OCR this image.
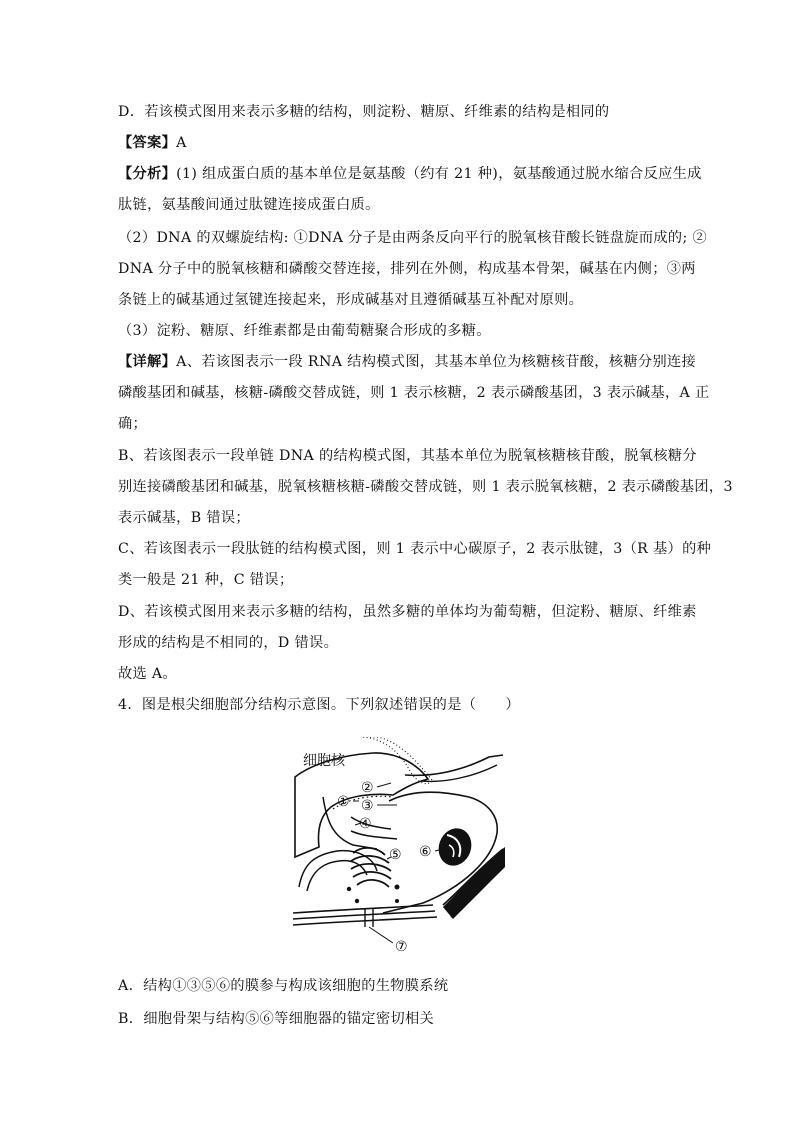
D．若该模式图用来表示多糖的结构，则淀粉、糖原、纤维素的结构是相同的
【答案】A
【分析】(1) 组成蛋白质的基本单位是氨基酸（约有 21 种)，氨基酸通过脱水缩合反应生成
肽链，氨基酸间通过肽键连接成蛋白质。
（2）DNA 的双螺旋结构: ①DNA 分子是由两条反向平行的脱氧核苷酸长链盘旋而成的; ②
DNA 分子中的脱氧核糖和磷酸交替连接，排列在外侧，构成基本骨架，碱基在内侧；③两
条链上的碱基通过氢键连接起来，形成碱基对且遵循碱基互补配对原则。
（3）淀粉、糖原、纤维素都是由葡萄糖聚合形成的多糖。
【详解】A、若该图表示一段 RNA 结构模式图，其基本单位为核糖核苷酸，核糖分别连接
磷酸基团和碱基，核糖-磷酸交替成链，则 1 表示核糖，2 表示磷酸基团，3 表示碱基，A 正
确；
B、若该图表示一段单链 DNA 的结构模式图，其基本单位为脱氧核糖核苷酸，脱氧核糖分
别连接磷酸基团和碱基，脱氧核糖核糖-磷酸交替成链，则 1 表示脱氧核糖，2 表示磷酸基团，3
表示碱基，B 错误；
C、若该图表示一段肽链的结构模式图，则 1 表示中心碳原子，2 表示肽键，3（R 基）的种
类一般是 21 种，C 错误；
D、若该模式图用来表示多糖的结构，虽然多糖的单体均为葡萄糖，但淀粉、糖原、纤维素
形成的结构是不相同的，D 错误。
故选 A。
4．图是根尖细胞部分结构示意图。下列叙述错误的是（　　）
细胞核
①
②
③
④
⑤ ⑥
⑦
A．结构①③⑤⑥的膜参与构成该细胞的生物膜系统
B．细胞骨架与结构⑤⑥等细胞器的锚定密切相关
